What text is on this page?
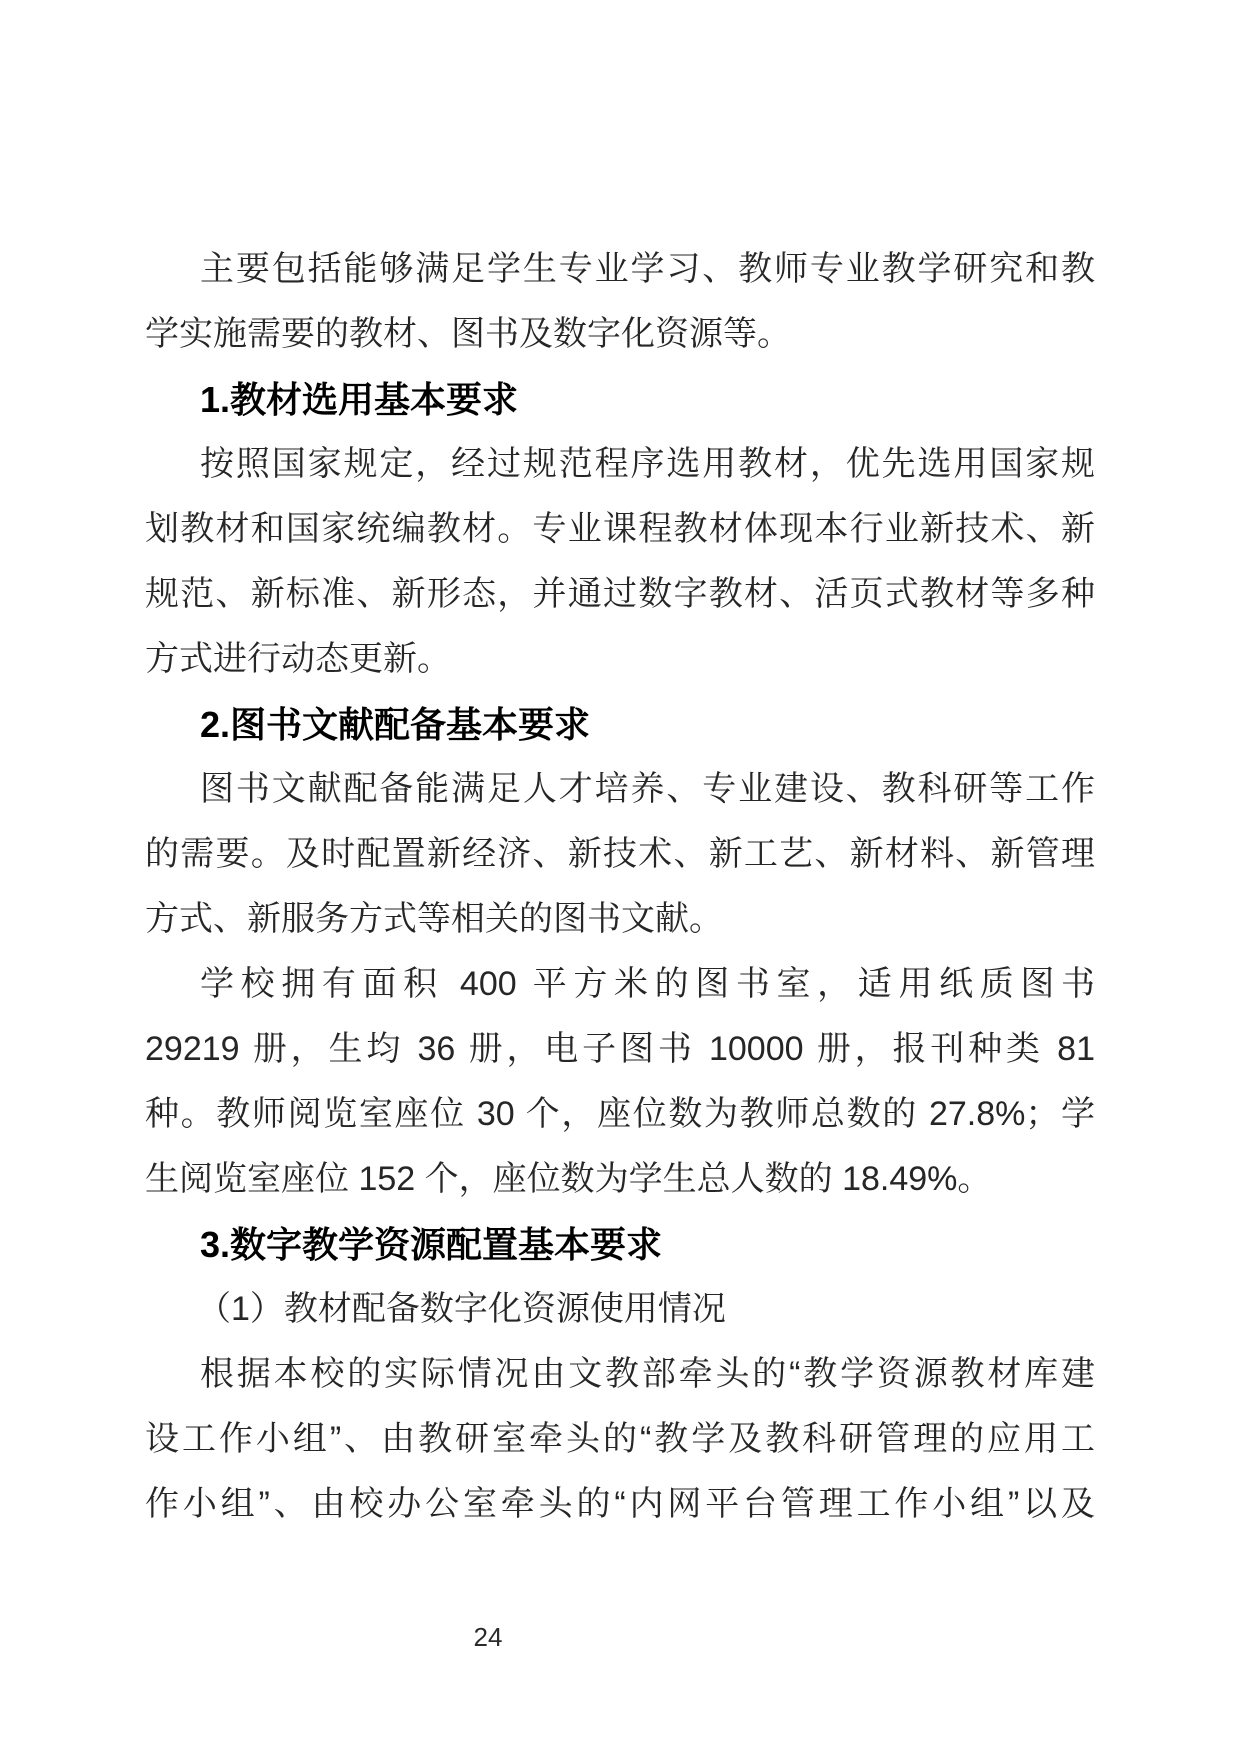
主要包括能够满足学生专业学习、教师专业教学研究和教
学实施需要的教材、图书及数字化资源等。
1.教材选用基本要求
按照国家规定，经过规范程序选用教材，优先选用国家规
划教材和国家统编教材。专业课程教材体现本行业新技术、新
规范、新标准、新形态，并通过数字教材、活页式教材等多种
方式进行动态更新。
2.图书文献配备基本要求
图书文献配备能满足人才培养、专业建设、教科研等工作
的需要。及时配置新经济、新技术、新工艺、新材料、新管理
方式、新服务方式等相关的图书文献。
学校拥有面积 400 平方米的图书室，适用纸质图书
29219 册，生均 36 册，电子图书 10000 册，报刊种类 81
种。教师阅览室座位 30 个，座位数为教师总数的 27.8%；学
生阅览室座位 152 个，座位数为学生总人数的 18.49%。
3.数字教学资源配置基本要求
（1）教材配备数字化资源使用情况
根据本校的实际情况由文教部牵头的“教学资源教材库建
设工作小组”、由教研室牵头的“教学及教科研管理的应用工
作小组”、由校办公室牵头的“内网平台管理工作小组”以及
24
